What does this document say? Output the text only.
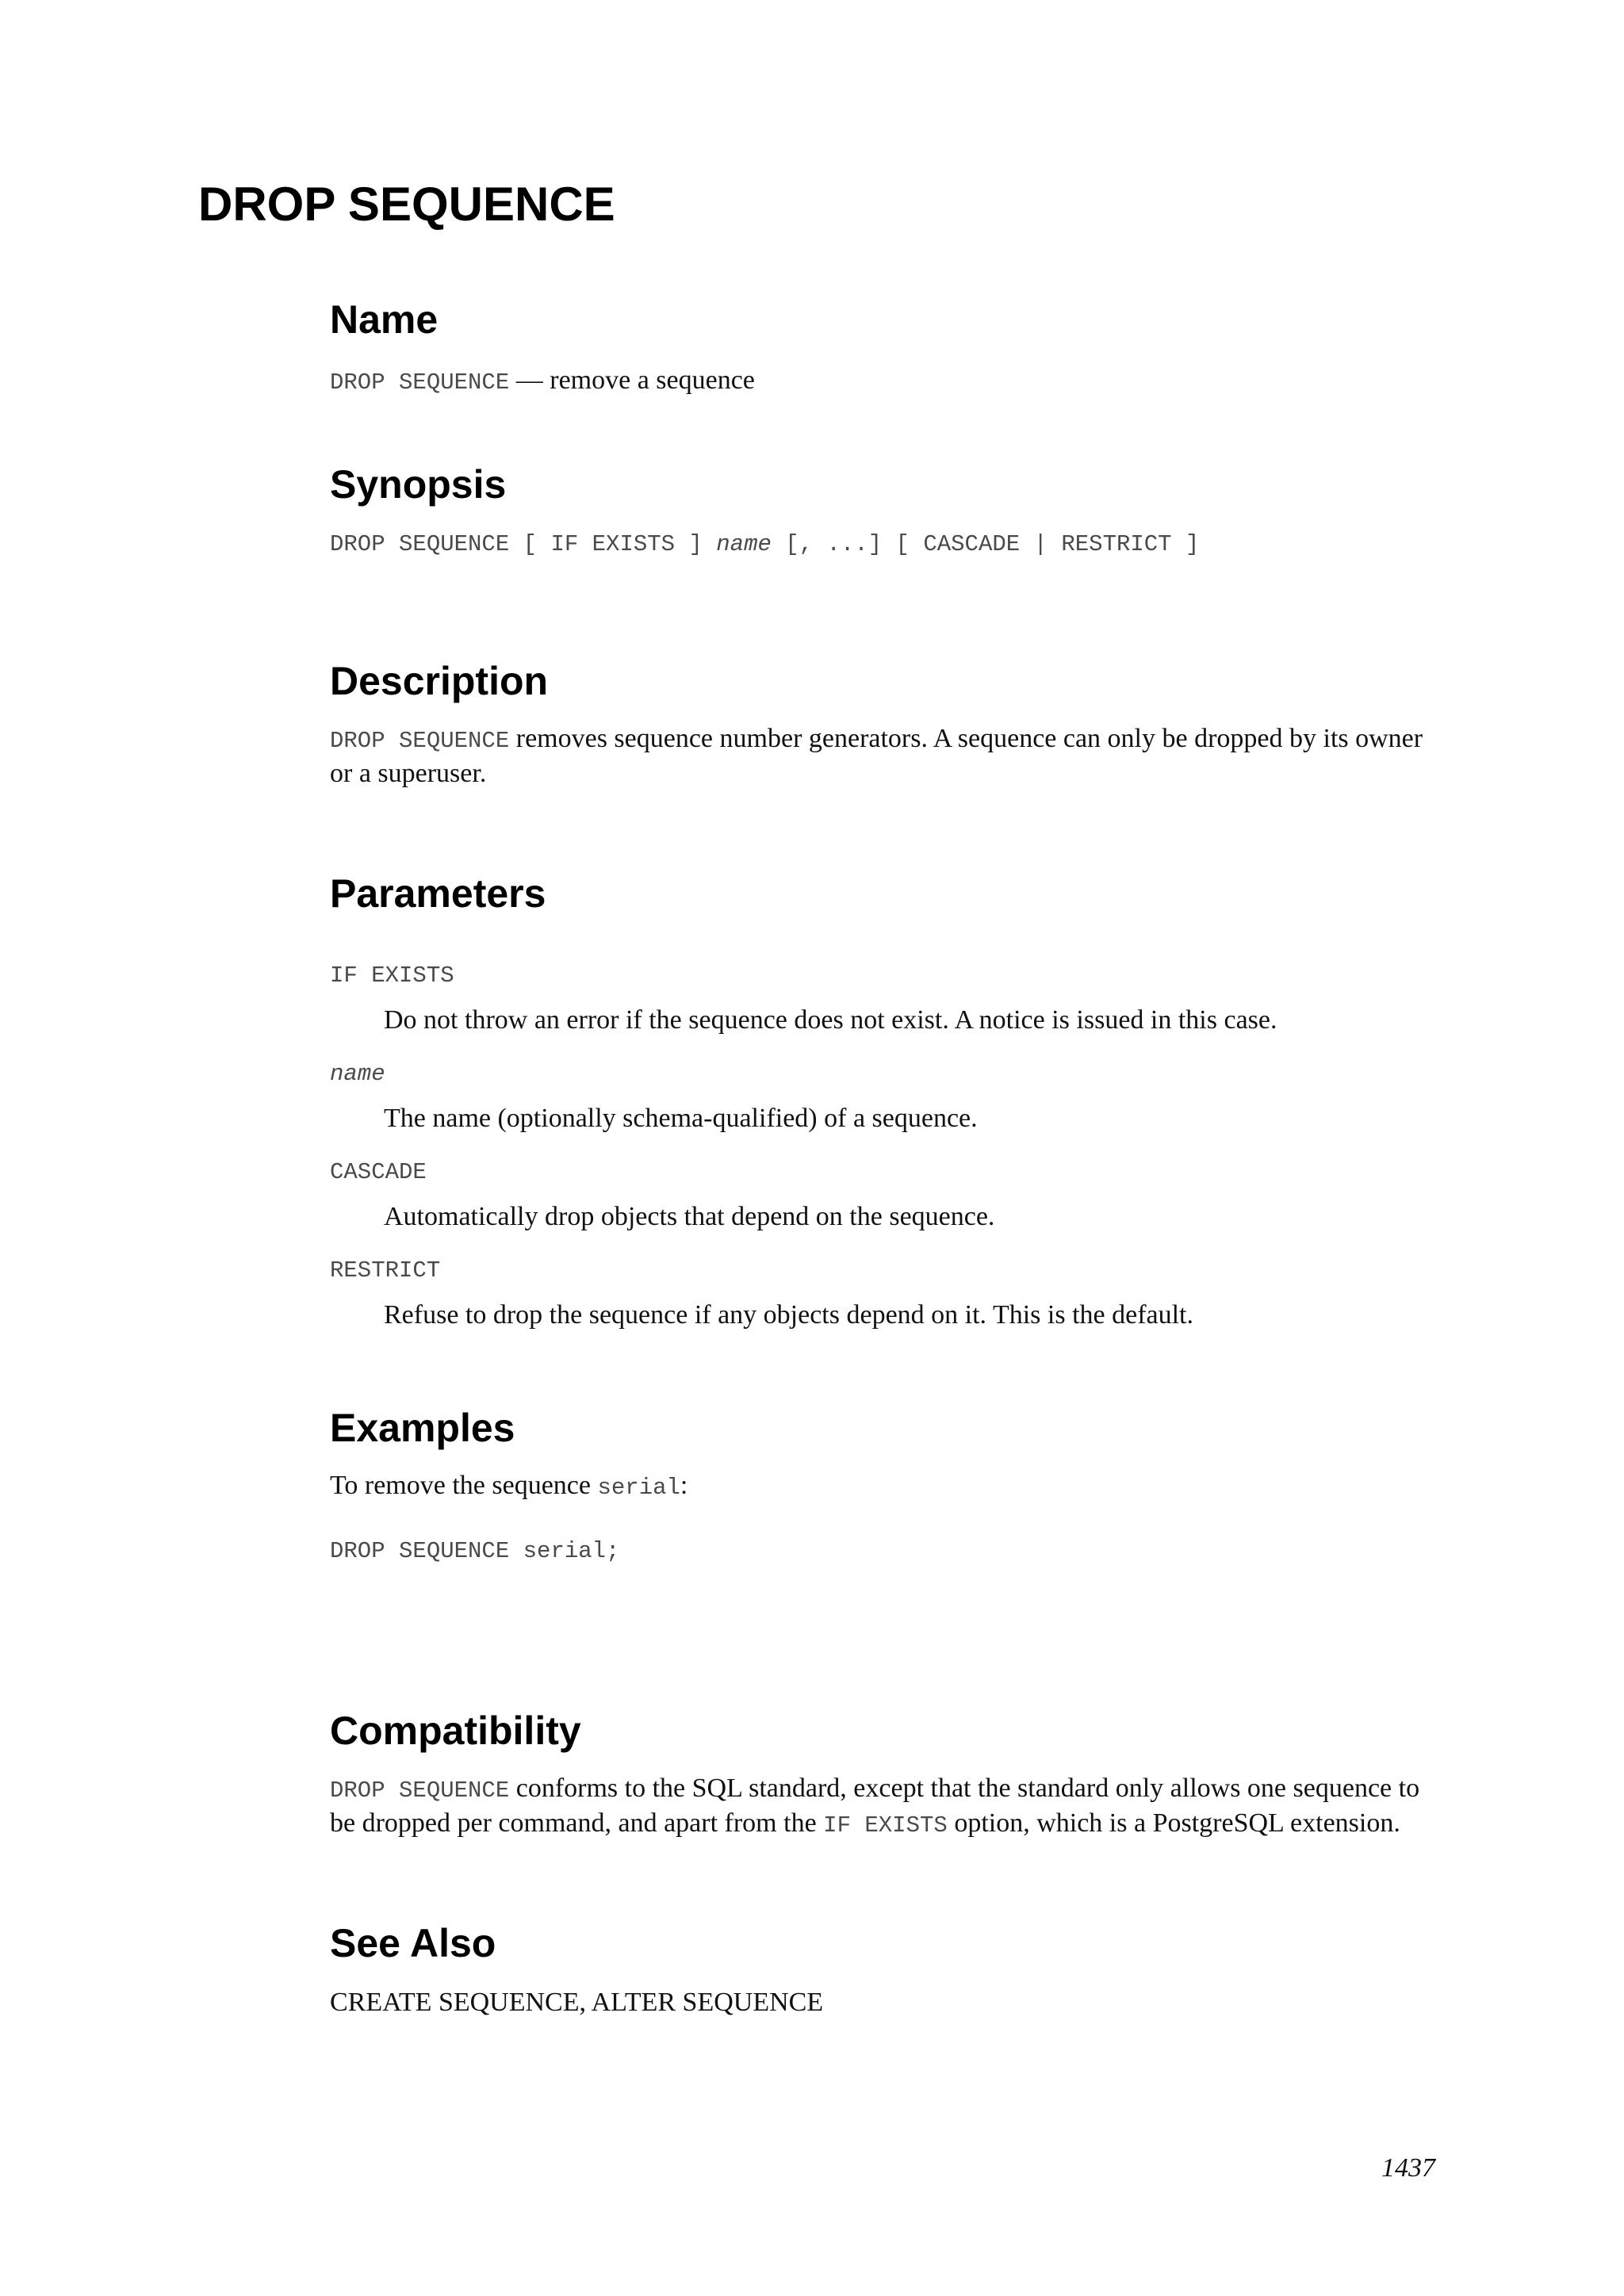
DROP SEQUENCE
Name
DROP SEQUENCE — remove a sequence
Synopsis
DROP SEQUENCE [ IF EXISTS ] name [, ...] [ CASCADE | RESTRICT ]
Description
DROP SEQUENCE removes sequence number generators. A sequence can only be dropped by its owner
or a superuser.
Parameters
IF EXISTS
Do not throw an error if the sequence does not exist. A notice is issued in this case.
name
The name (optionally schema-qualified) of a sequence.
CASCADE
Automatically drop objects that depend on the sequence.
RESTRICT
Refuse to drop the sequence if any objects depend on it. This is the default.
Examples
To remove the sequence serial:
DROP SEQUENCE serial;
Compatibility
DROP SEQUENCE conforms to the SQL standard, except that the standard only allows one sequence to
be dropped per command, and apart from the IF EXISTS option, which is a PostgreSQL extension.
See Also
CREATE SEQUENCE, ALTER SEQUENCE
1437
